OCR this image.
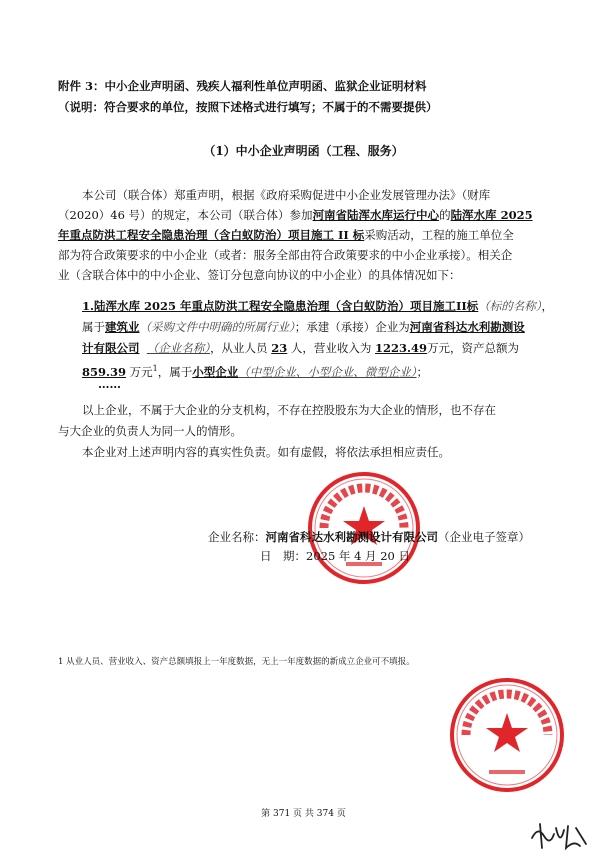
附件 3：中小企业声明函、残疾人福利性单位声明函、监狱企业证明材料
（说明：符合要求的单位，按照下述格式进行填写；不属于的不需要提供）
（1）中小企业声明函（工程、服务）
本公司（联合体）郑重声明，根据《政府采购促进中小企业发展管理办法》（财库
（2020）46 号）的规定，本公司（联合体）参加河南省陆浑水库运行中心的陆浑水库 2025
年重点防洪工程安全隐患治理（含白蚁防治）项目施工 II 标采购活动，工程的施工单位全
部为符合政策要求的中小企业（或者：服务全部由符合政策要求的中小企业承接）。相关企
业（含联合体中的中小企业、签订分包意向协议的中小企业）的具体情况如下：
1.陆浑水库 2025 年重点防洪工程安全隐患治理（含白蚁防治）项目施工II标（标的名称），
属于建筑业（采购文件中明确的所属行业）；承建（承接）企业为河南省科达水利勘测设
计有限公司 （企业名称），从业人员 23 人，营业收入为 1223.49万元，资产总额为
859.39 万元$^1$，属于小型企业（中型企业、小型企业、微型企业）；
……
以上企业，不属于大企业的分支机构，不存在控股股东为大企业的情形，也不存在
与大企业的负责人为同一人的情形。
本企业对上述声明内容的真实性负责。如有虚假，将依法承担相应责任。
企业名称：河南省科达水利勘测设计有限公司（企业电子签章）
日　期：2025 年 4 月 20 日
1 从业人员、营业收入、资产总额填报上一年度数据，无上一年度数据的新成立企业可不填报。
第 371 页 共 374 页
